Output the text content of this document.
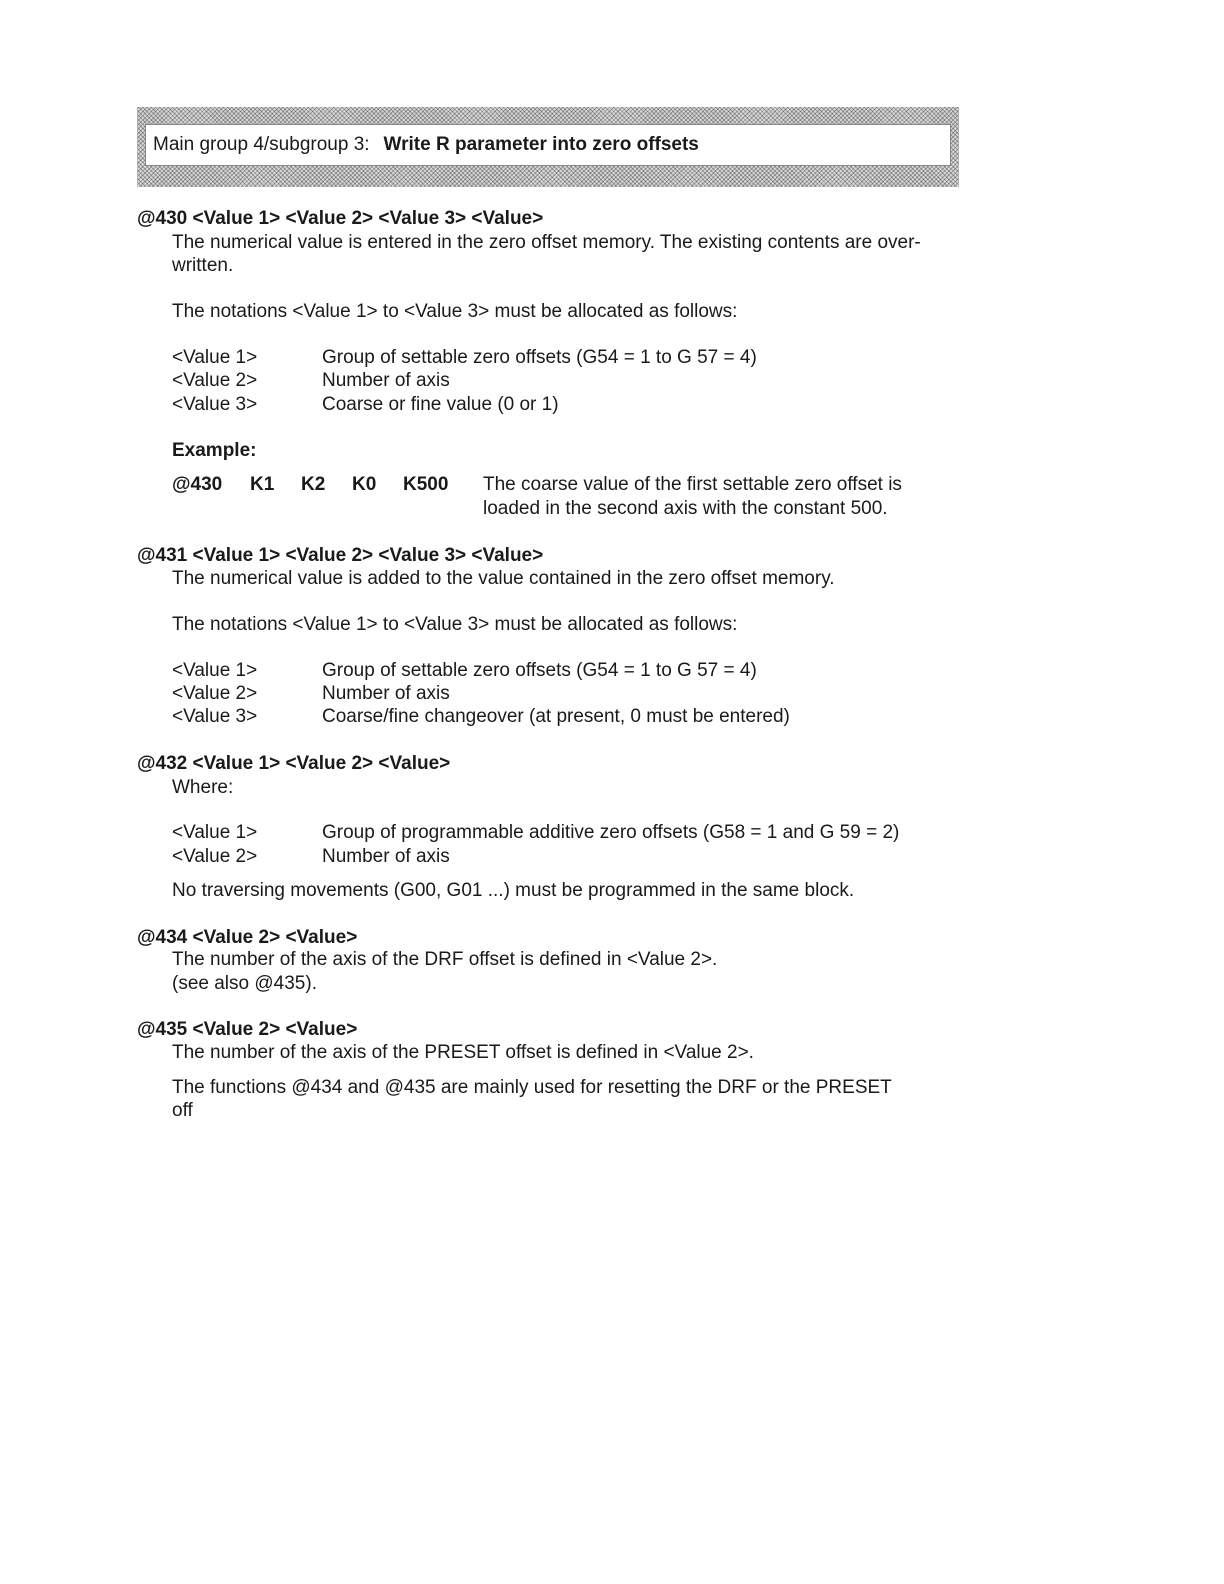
Main group 4/subgroup 3: Write R parameter into zero offsets
@430 <Value 1> <Value 2> <Value 3> <Value>
The numerical value is entered in the zero offset memory. The existing contents are over-
written.
The notations <Value 1> to <Value 3> must be allocated as follows:
<Value 1>	Group of settable zero offsets (G54 = 1 to G 57 = 4)
<Value 2>	Number of axis
<Value 3>	Coarse or fine value (0 or 1)
Example:
@430 K1 K2 K0 K500 The coarse value of the first settable zero offset is
loaded in the second axis with the constant 500.
@431 <Value 1> <Value 2> <Value 3> <Value>
The numerical value is added to the value contained in the zero offset memory.
The notations <Value 1> to <Value 3> must be allocated as follows:
<Value 1>	Group of settable zero offsets (G54 = 1 to G 57 = 4)
<Value 2>	Number of axis
<Value 3>	Coarse/fine changeover (at present, 0 must be entered)
@432 <Value 1> <Value 2> <Value>
Where:
<Value 1>	Group of programmable additive zero offsets (G58 = 1 and G 59 = 2)
<Value 2>	Number of axis
No traversing movements (G00, G01 ...) must be programmed in the same block.
@434 <Value 2> <Value>
The number of the axis of the DRF offset is defined in <Value 2>.
(see also @435).
@435 <Value 2> <Value>
The number of the axis of the PRESET offset is defined in <Value 2>.
The functions @434 and @435 are mainly used for resetting the DRF or the PRESET
off
